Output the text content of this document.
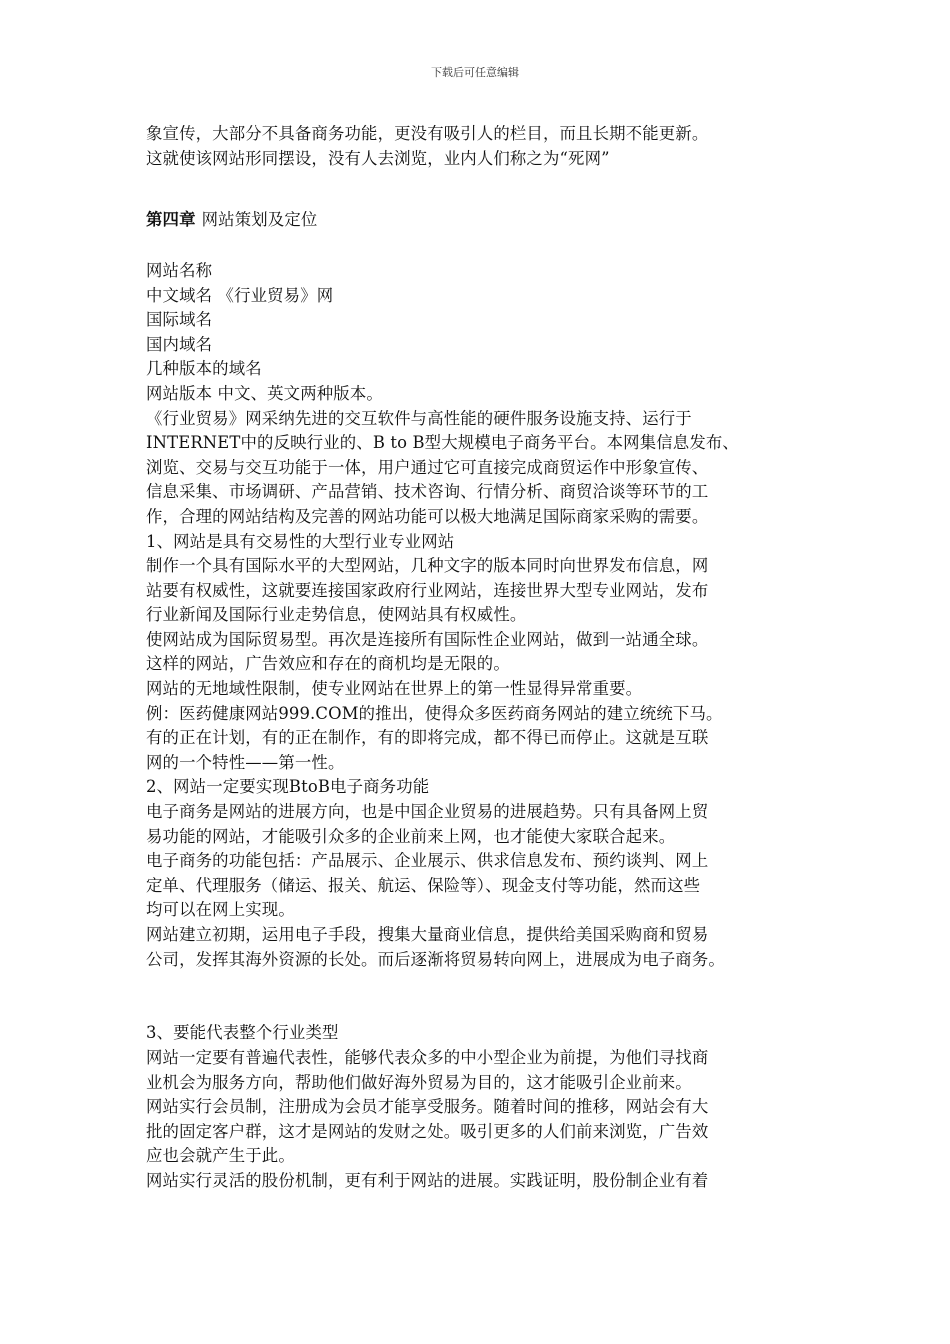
下载后可任意编辑
象宣传，大部分不具备商务功能，更没有吸引人的栏目，而且长期不能更新。
这就使该网站形同摆设，没有人去浏览，业内人们称之为“死网”
第四章 网站策划及定位
网站名称
中文域名 《行业贸易》网
国际域名
国内域名
几种版本的域名
网站版本 中文、英文两种版本。
《行业贸易》网采纳先进的交互软件与高性能的硬件服务设施支持、运行于
INTERNET中的反映行业的、B to B型大规模电子商务平台。本网集信息发布、
浏览、交易与交互功能于一体，用户通过它可直接完成商贸运作中形象宣传、
信息采集、市场调研、产品营销、技术咨询、行情分析、商贸洽谈等环节的工
作，合理的网站结构及完善的网站功能可以极大地满足国际商家采购的需要。
1、网站是具有交易性的大型行业专业网站
制作一个具有国际水平的大型网站，几种文字的版本同时向世界发布信息，网
站要有权威性，这就要连接国家政府行业网站，连接世界大型专业网站，发布
行业新闻及国际行业走势信息，使网站具有权威性。
使网站成为国际贸易型。再次是连接所有国际性企业网站，做到一站通全球。
这样的网站，广告效应和存在的商机均是无限的。
网站的无地域性限制，使专业网站在世界上的第一性显得异常重要。
例：医药健康网站999.COM的推出，使得众多医药商务网站的建立统统下马。
有的正在计划，有的正在制作，有的即将完成，都不得已而停止。这就是互联
网的一个特性——第一性。
2、网站一定要实现BtoB电子商务功能
电子商务是网站的进展方向，也是中国企业贸易的进展趋势。只有具备网上贸
易功能的网站，才能吸引众多的企业前来上网，也才能使大家联合起来。
电子商务的功能包括：产品展示、企业展示、供求信息发布、预约谈判、网上
定单、代理服务（储运、报关、航运、保险等）、现金支付等功能，然而这些
均可以在网上实现。
网站建立初期，运用电子手段，搜集大量商业信息，提供给美国采购商和贸易
公司，发挥其海外资源的长处。而后逐渐将贸易转向网上，进展成为电子商务。
3、要能代表整个行业类型
网站一定要有普遍代表性，能够代表众多的中小型企业为前提，为他们寻找商
业机会为服务方向，帮助他们做好海外贸易为目的，这才能吸引企业前来。
网站实行会员制，注册成为会员才能享受服务。随着时间的推移，网站会有大
批的固定客户群，这才是网站的发财之处。吸引更多的人们前来浏览，广告效
应也会就产生于此。
网站实行灵活的股份机制，更有利于网站的进展。实践证明，股份制企业有着
